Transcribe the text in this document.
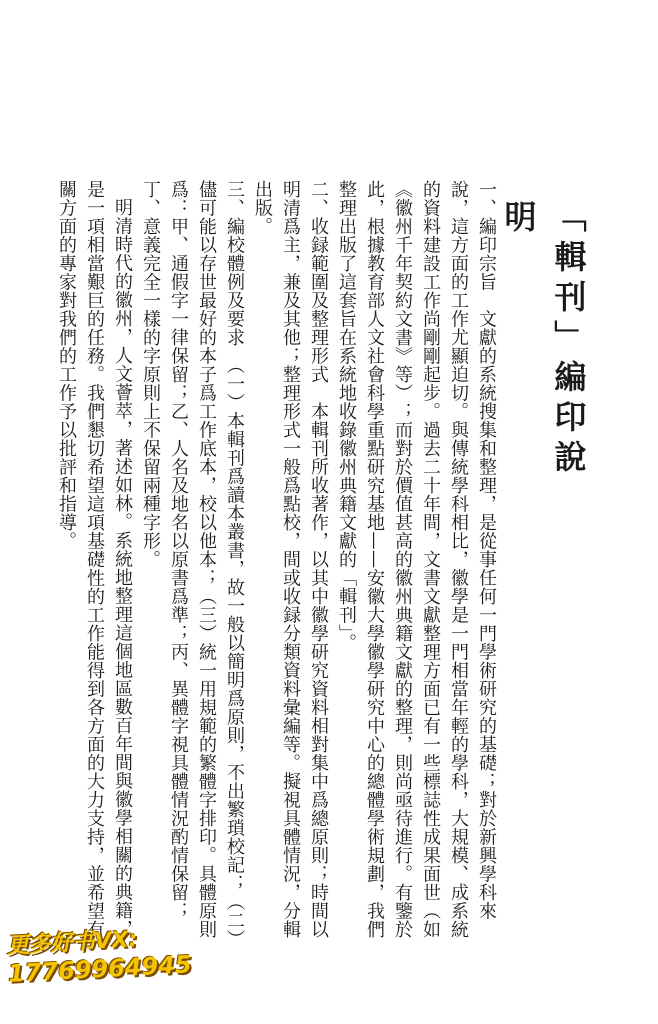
「輯刊」編印說明

一、編印宗旨　文獻的系統搜集和整理，是從事任何一門學術研究的基礎；對於新興學科來說，這方面的工作尤顯迫切。與傳統學科相比，徽學是一門相當年輕的學科，大規模、成系統的資料建設工作尚剛剛起步。過去二十年間，文書文獻整理方面已有一些標誌性成果面世（如《徽州千年契約文書》等）；而對於價值甚高的徽州典籍文獻的整理，則尚亟待進行。有鑒於此，根據教育部人文社會科學重點研究基地——安徽大學徽學研究中心的總體學術規劃，我們整理出版了這套旨在系統地收錄徽州典籍文獻的「輯刊」。

二、收録範圍及整理形式　本輯刊所收著作，以其中徽學研究資料相對集中爲總原則；時間以明清爲主，兼及其他；整理形式一般爲點校，間或收録分類資料彙編等。擬視具體情況，分輯出版。

三、編校體例及要求　（一）本輯刊爲讀本叢書，故一般以簡明爲原則，不出繁瑣校記；（二）儘可能以存世最好的本子爲工作底本，校以他本；（三）統一用規範的繁體字排印。具體原則爲：甲、通假字一律保留；乙、人名及地名以原書爲準；丙、異體字視具體情況酌情保留；丁、意義完全一樣的字原則上不保留兩種字形。

明清時代的徽州，人文薈萃，著述如林。系統地整理這個地區數百年間與徽學相關的典籍，是一項相當艱巨的任務。我們懇切希望這項基礎性的工作能得到各方面的大力支持，並希望有關方面的專家對我們的工作予以批評和指導。

更多好书VX:
17769964945
